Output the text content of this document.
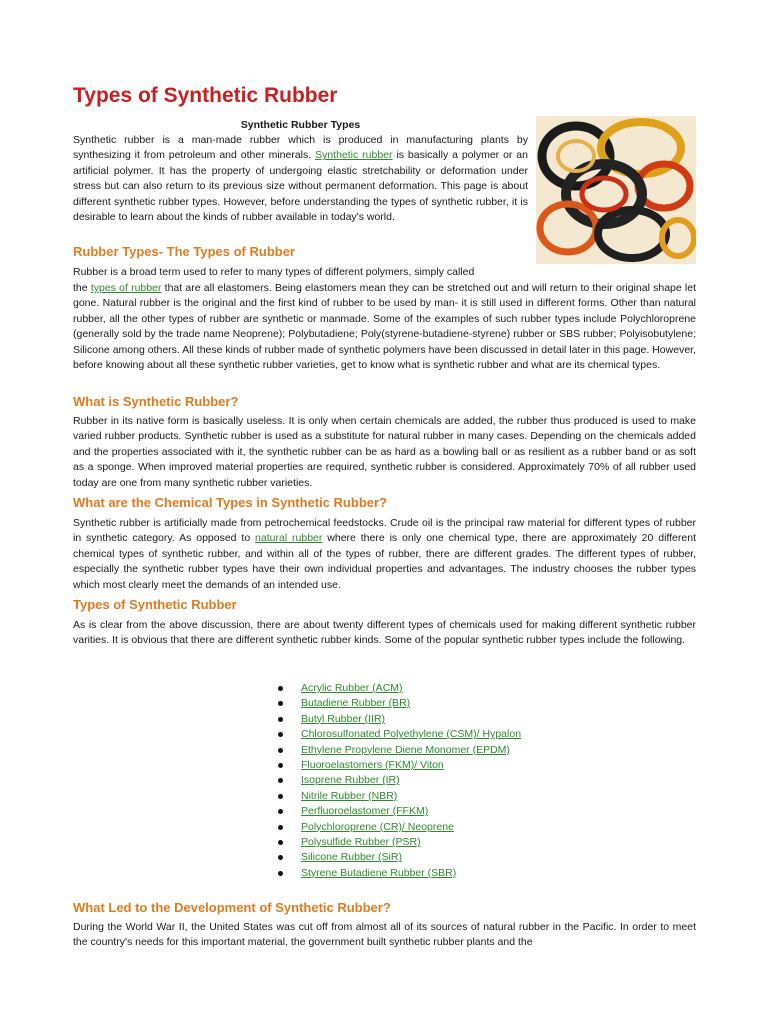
Types of Synthetic Rubber

Synthetic Rubber Types

Synthetic rubber is a man-made rubber which is produced in manufacturing plants by synthesizing it from petroleum and other minerals. Synthetic rubber is basically a polymer or an artificial polymer. It has the property of undergoing elastic stretchability or deformation under stress but can also return to its previous size without permanent deformation. This page is about different synthetic rubber types. However, before understanding the types of synthetic rubber, it is desirable to learn about the kinds of rubber available in today's world.

Rubber Types- The Types of Rubber

Rubber is a broad term used to refer to many types of different polymers, simply called

the types of rubber that are all elastomers. Being elastomers mean they can be stretched out and will return to their original shape let gone. Natural rubber is the original and the first kind of rubber to be used by man- it is still used in different forms. Other than natural rubber, all the other types of rubber are synthetic or manmade. Some of the examples of such rubber types include Polychloroprene (generally sold by the trade name Neoprene); Polybutadiene; Poly(styrene-butadiene-styrene) rubber or SBS rubber; Polyisobutylene; Silicone among others. All these kinds of rubber made of synthetic polymers have been discussed in detail later in this page. However, before knowing about all these synthetic rubber varieties, get to know what is synthetic rubber and what are its chemical types.

What is Synthetic Rubber?

Rubber in its native form is basically useless. It is only when certain chemicals are added, the rubber thus produced is used to make varied rubber products. Synthetic rubber is used as a substitute for natural rubber in many cases. Depending on the chemicals added and the properties associated with it, the synthetic rubber can be as hard as a bowling ball or as resilient as a rubber band or as soft as a sponge. When improved material properties are required, synthetic rubber is considered. Approximately 70% of all rubber used today are one from many synthetic rubber varieties.

What are the Chemical Types in Synthetic Rubber?

Synthetic rubber is artificially made from petrochemical feedstocks. Crude oil is the principal raw material for different types of rubber in synthetic category. As opposed to natural rubber where there is only one chemical type, there are approximately 20 different chemical types of synthetic rubber, and within all of the types of rubber, there are different grades. The different types of rubber, especially the synthetic rubber types have their own individual properties and advantages. The industry chooses the rubber types which most clearly meet the demands of an intended use.

Types of Synthetic Rubber

As is clear from the above discussion, there are about twenty different types of chemicals used for making different synthetic rubber varities. It is obvious that there are different synthetic rubber kinds. Some of the popular synthetic rubber types include the following.

Acrylic Rubber (ACM)
Butadiene Rubber (BR)
Butyl Rubber (IIR)
Chlorosulfonated Polyethylene (CSM)/ Hypalon
Ethylene Propylene Diene Monomer (EPDM)
Fluoroelastomers (FKM)/ Viton
Isoprene Rubber (IR)
Nitrile Rubber (NBR)
Perfluoroelastomer (FFKM)
Polychloroprene (CR)/ Neoprene
Polysulfide Rubber (PSR)
Silicone Rubber (SiR)
Styrene Butadiene Rubber (SBR)
What Led to the Development of Synthetic Rubber?

During the World War II, the United States was cut off from almost all of its sources of natural rubber in the Pacific. In order to meet the country's needs for this important material, the government built synthetic rubber plants and the
